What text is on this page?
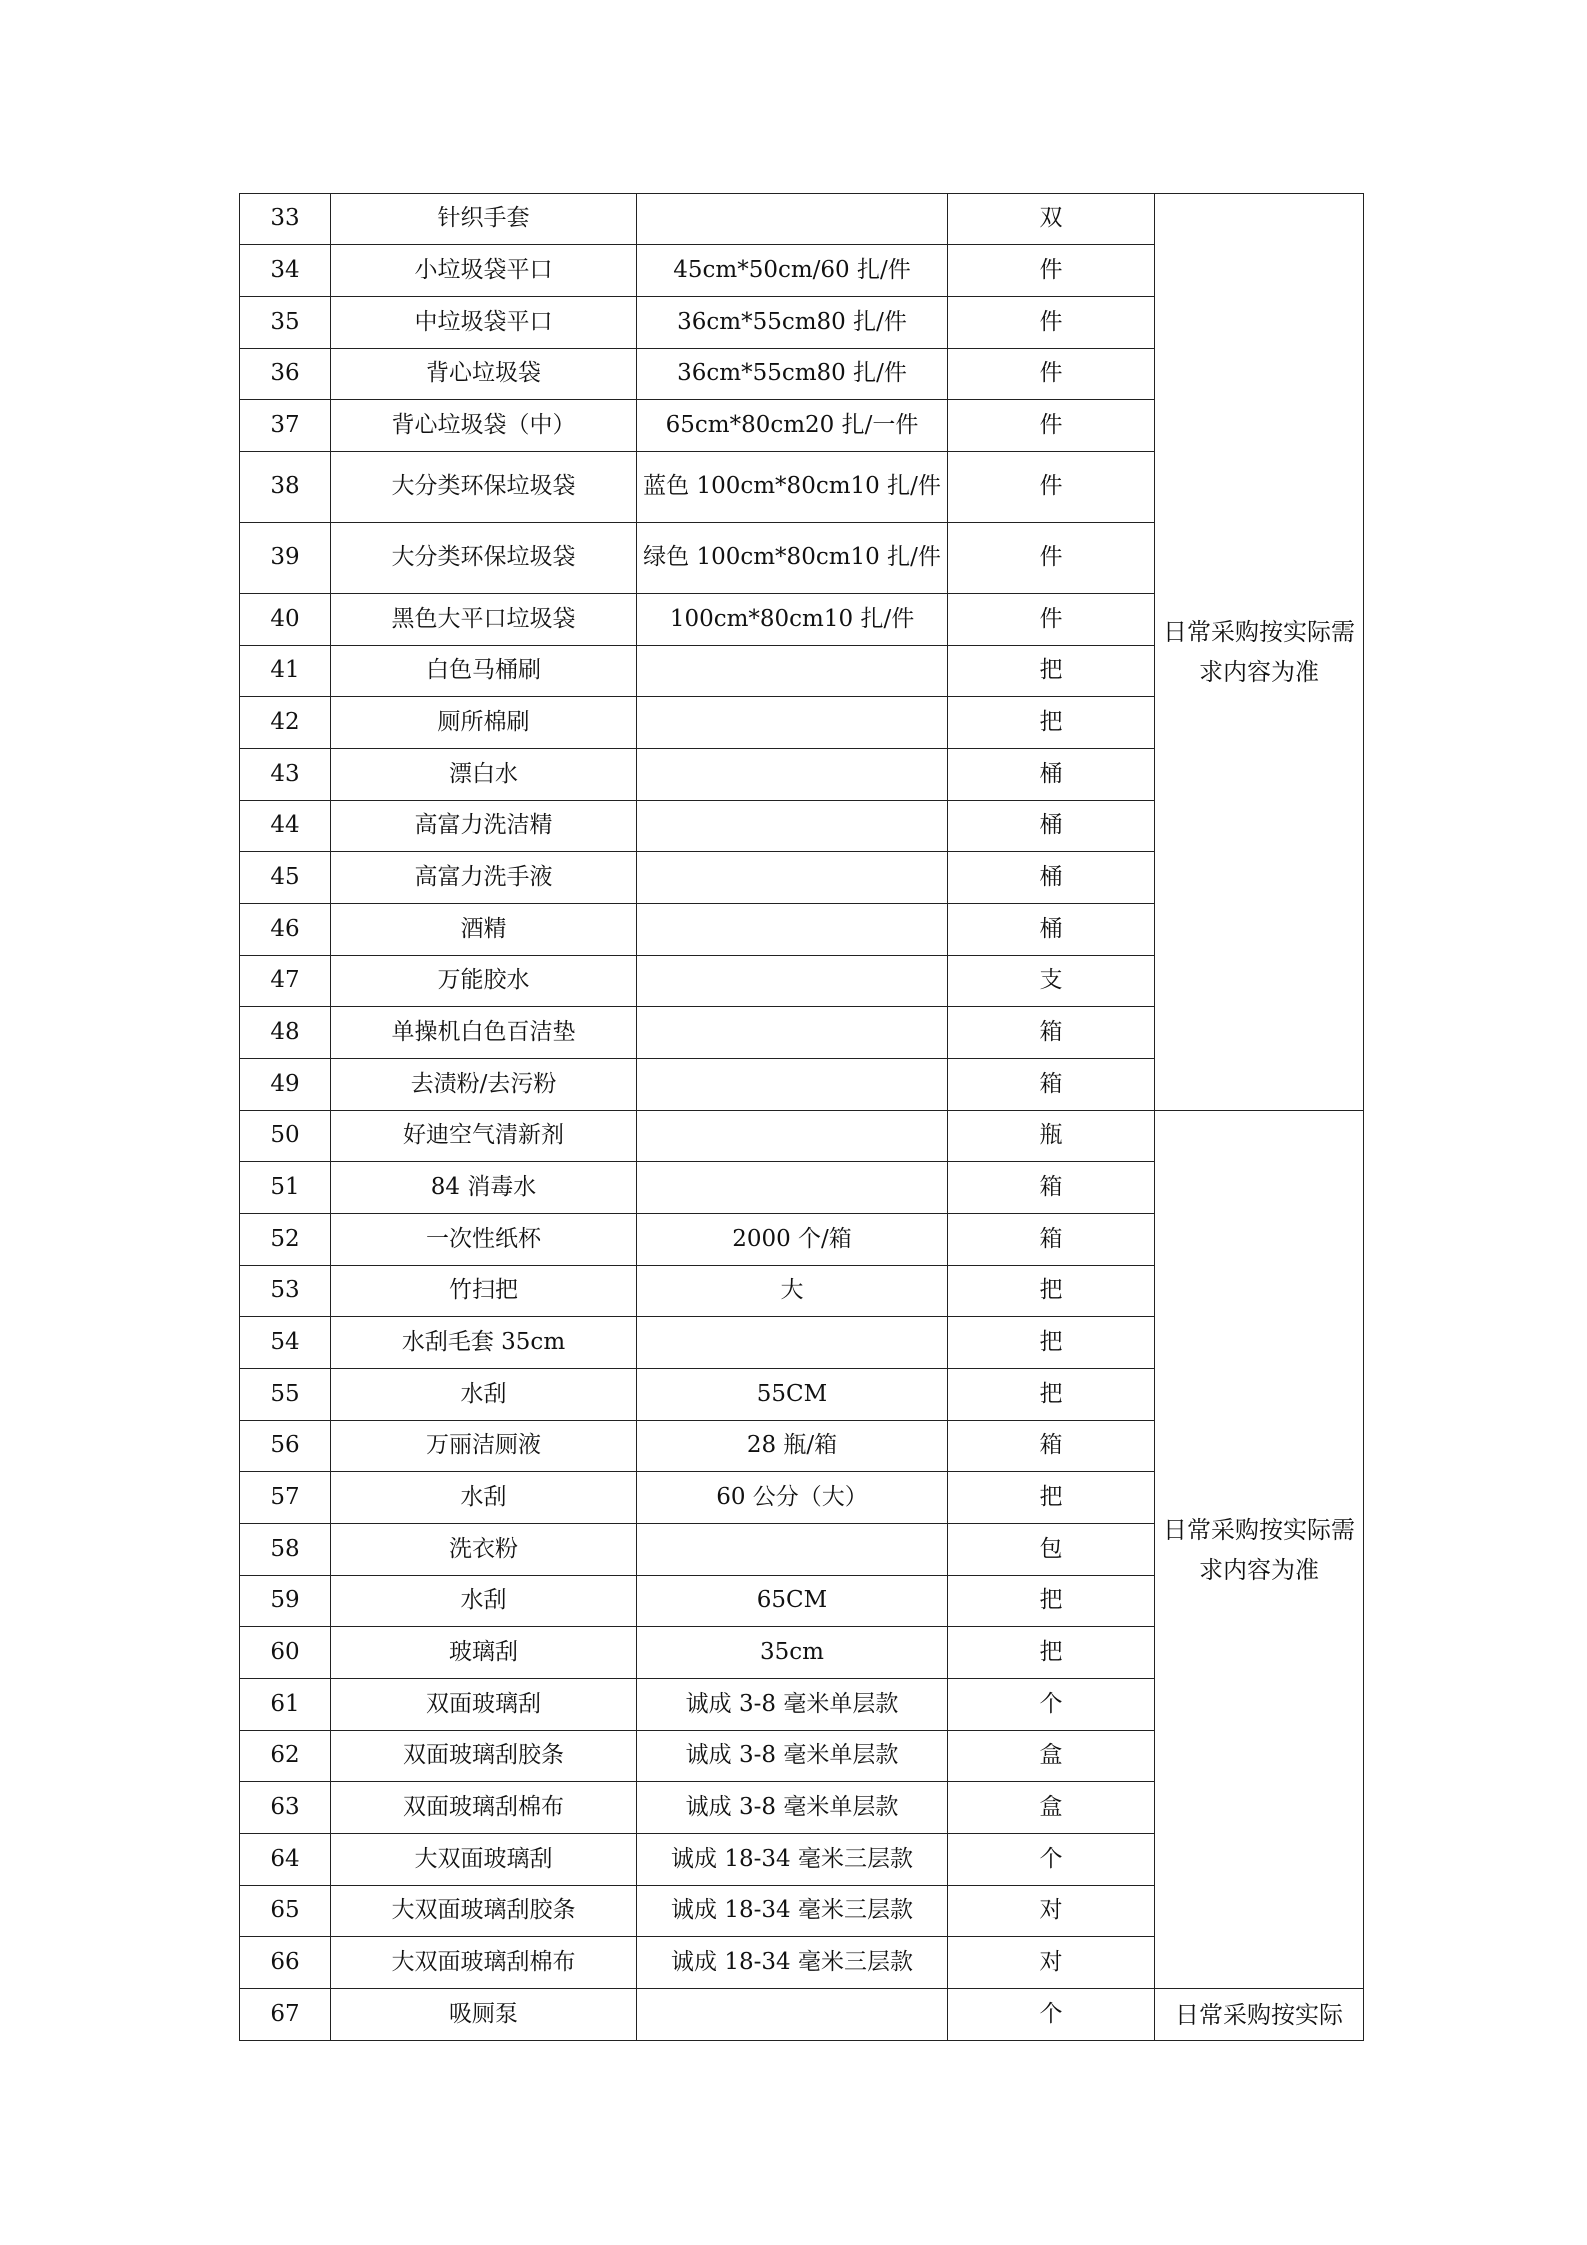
33	针织手套		双	日常采购按实际需求内容为准
34	小垃圾袋平口	45cm*50cm/60 扎/件	件	
35	中垃圾袋平口	36cm*55cm80 扎/件	件	
36	背心垃圾袋	36cm*55cm80 扎/件	件	
37	背心垃圾袋（中）	65cm*80cm20 扎/一件	件	
38	大分类环保垃圾袋	蓝色 100cm*80cm10 扎/件	件	
39	大分类环保垃圾袋	绿色 100cm*80cm10 扎/件	件	
40	黑色大平口垃圾袋	100cm*80cm10 扎/件	件	
41	白色马桶刷		把	
42	厕所棉刷		把	
43	漂白水		桶	
44	高富力洗洁精		桶	
45	高富力洗手液		桶	
46	酒精		桶	
47	万能胶水		支	
48	单操机白色百洁垫		箱	
49	去渍粉/去污粉		箱	
50	好迪空气清新剂		瓶	日常采购按实际需求内容为准
51	84 消毒水		箱	
52	一次性纸杯	2000 个/箱	箱	
53	竹扫把	大	把	
54	水刮毛套 35cm		把	
55	水刮	55CM	把	
56	万丽洁厕液	28 瓶/箱	箱	
57	水刮	60 公分（大）	把	
58	洗衣粉		包	
59	水刮	65CM	把	
60	玻璃刮	35cm	把	
61	双面玻璃刮	诚成 3-8 毫米单层款	个	
62	双面玻璃刮胶条	诚成 3-8 毫米单层款	盒	
63	双面玻璃刮棉布	诚成 3-8 毫米单层款	盒	
64	大双面玻璃刮	诚成 18-34 毫米三层款	个	
65	大双面玻璃刮胶条	诚成 18-34 毫米三层款	对	
66	大双面玻璃刮棉布	诚成 18-34 毫米三层款	对	
67	吸厕泵		个	日常采购按实际
